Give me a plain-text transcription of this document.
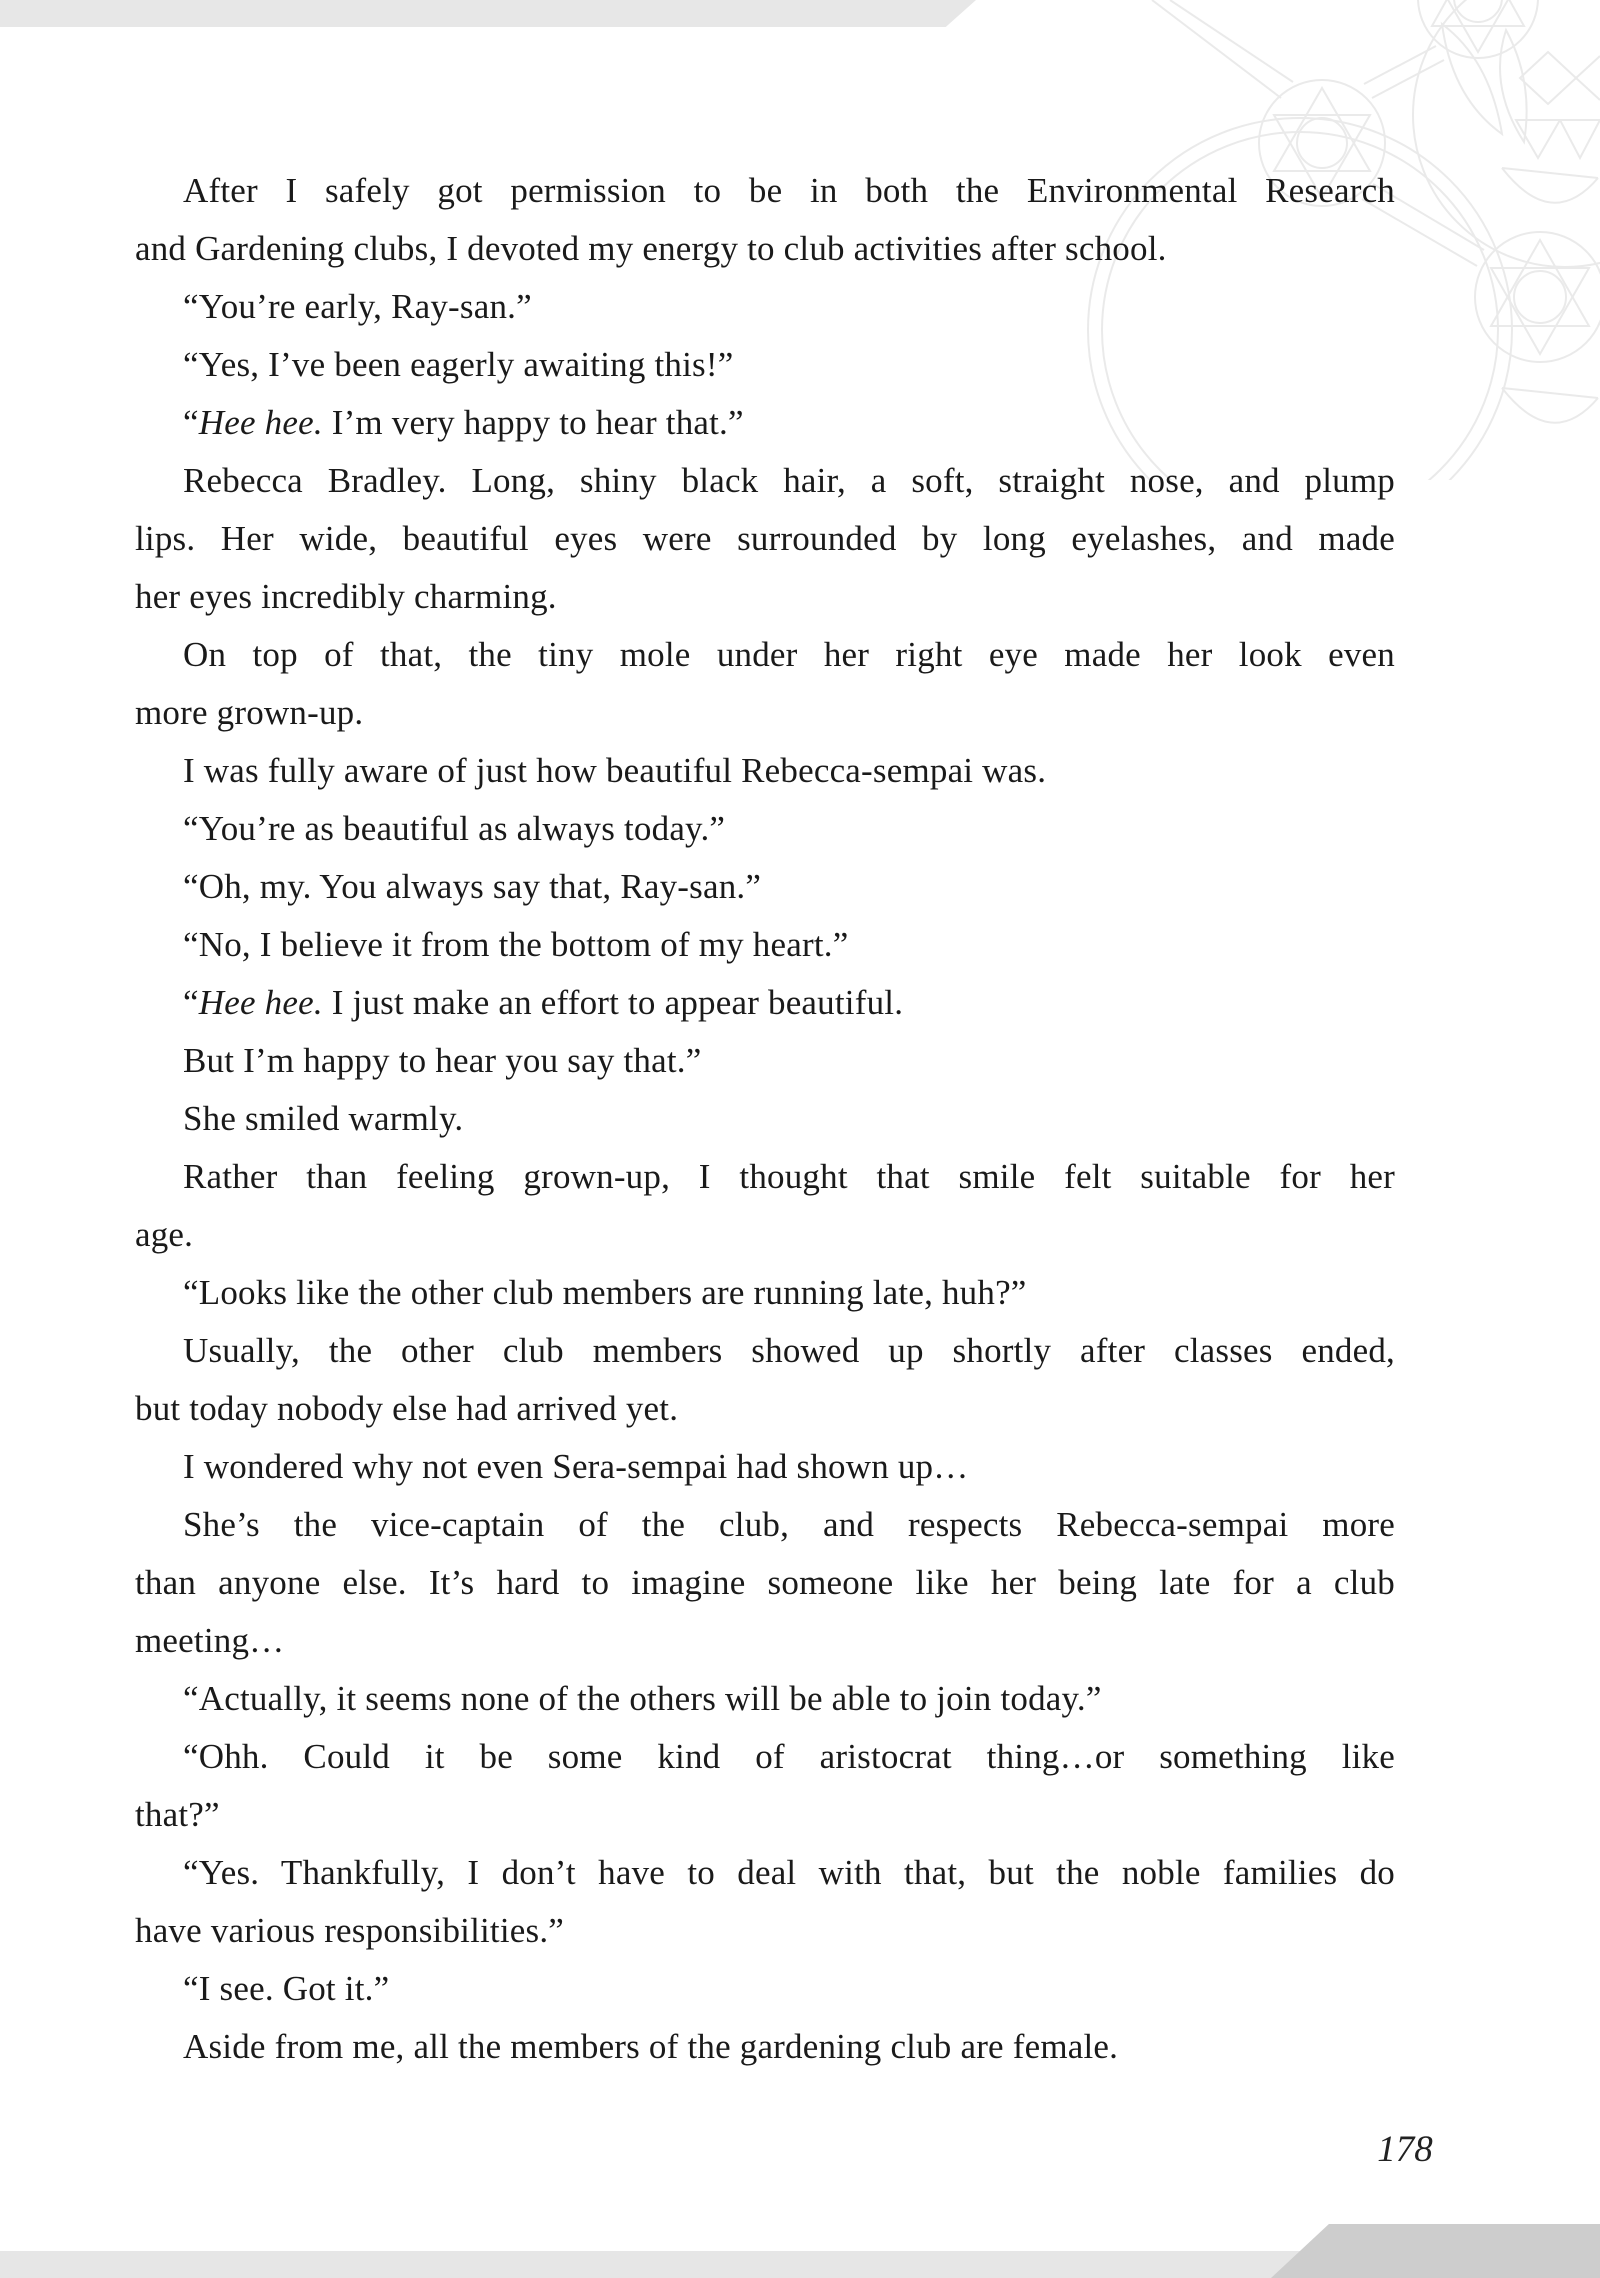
After I safely got permission to be in both the Environmental Research
and Gardening clubs, I devoted my energy to club activities after school.
“You’re early, Ray-san.”
“Yes, I’ve been eagerly awaiting this!”
“Hee hee. I’m very happy to hear that.”
Rebecca Bradley. Long, shiny black hair, a soft, straight nose, and plump
lips. Her wide, beautiful eyes were surrounded by long eyelashes, and made
her eyes incredibly charming.
On top of that, the tiny mole under her right eye made her look even
more grown-up.
I was fully aware of just how beautiful Rebecca-sempai was.
“You’re as beautiful as always today.”
“Oh, my. You always say that, Ray-san.”
“No, I believe it from the bottom of my heart.”
“Hee hee. I just make an effort to appear beautiful.
But I’m happy to hear you say that.”
She smiled warmly.
Rather than feeling grown-up, I thought that smile felt suitable for her
age.
“Looks like the other club members are running late, huh?”
Usually, the other club members showed up shortly after classes ended,
but today nobody else had arrived yet.
I wondered why not even Sera-sempai had shown up…
She’s the vice-captain of the club, and respects Rebecca-sempai more
than anyone else. It’s hard to imagine someone like her being late for a club
meeting…
“Actually, it seems none of the others will be able to join today.”
“Ohh. Could it be some kind of aristocrat thing…or something like
that?”
“Yes. Thankfully, I don’t have to deal with that, but the noble families do
have various responsibilities.”
“I see. Got it.”
Aside from me, all the members of the gardening club are female.
178
